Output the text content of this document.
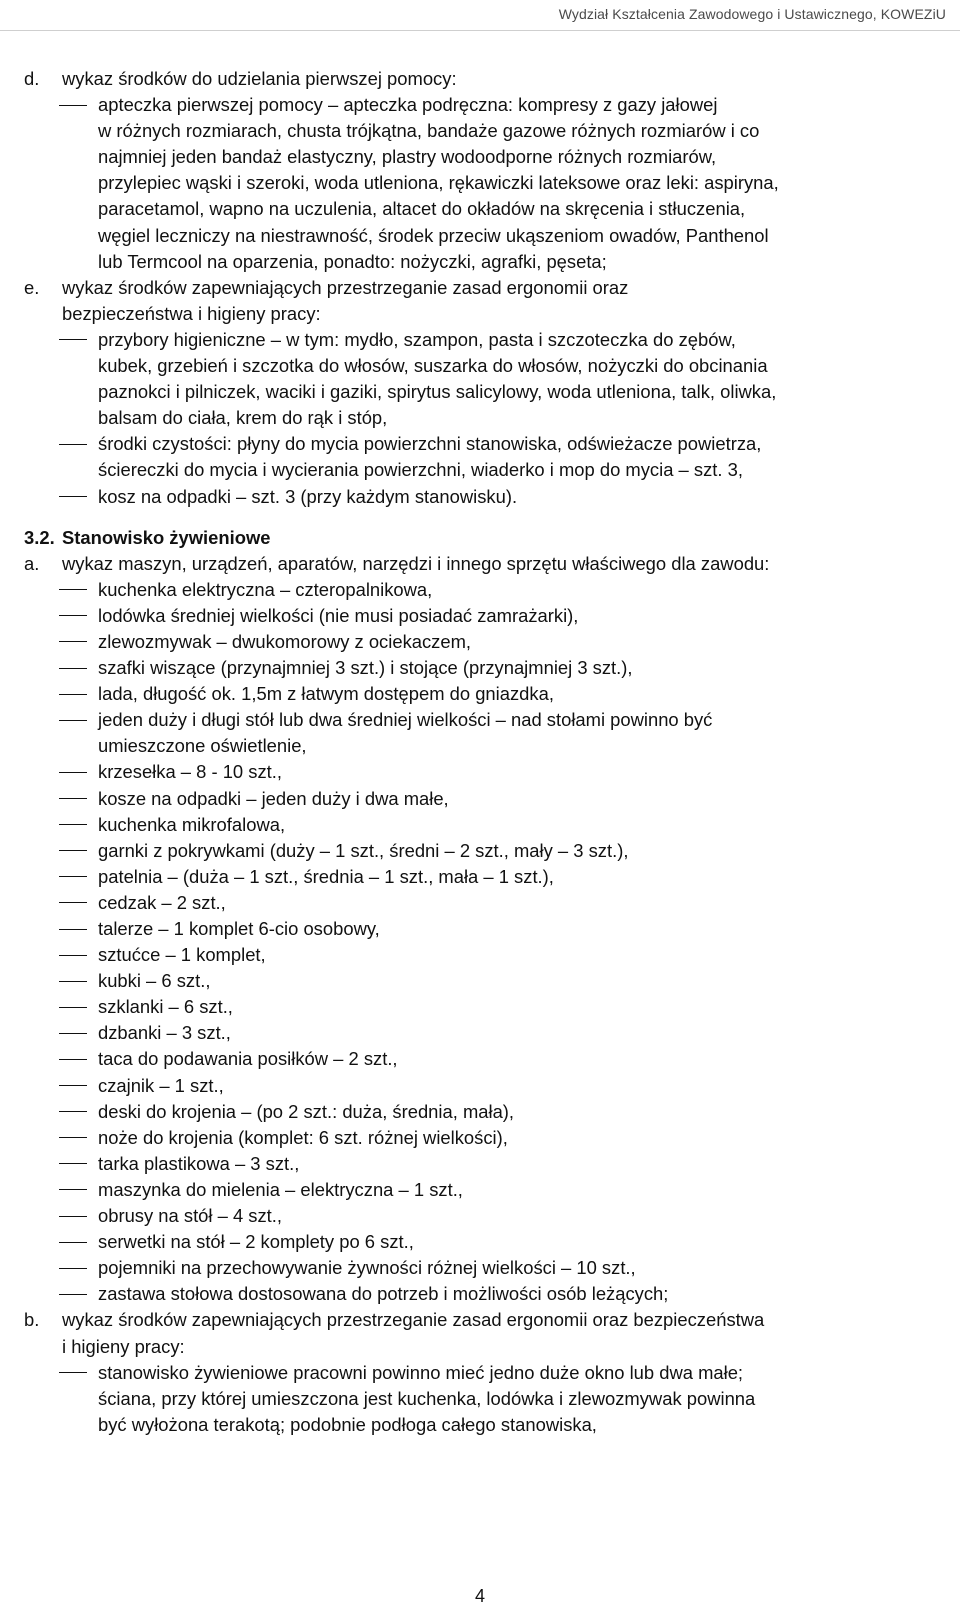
Wydział Kształcenia Zawodowego i Ustawicznego, KOWEZiU
d. wykaz środków do udzielania pierwszej pomocy:
apteczka pierwszej pomocy – apteczka podręczna: kompresy z gazy jałowej
w różnych rozmiarach, chusta trójkątna, bandaże gazowe różnych rozmiarów i co
najmniej jeden bandaż elastyczny, plastry wodoodporne różnych rozmiarów,
przylepiec wąski i szeroki, woda utleniona, rękawiczki lateksowe oraz leki: aspiryna,
paracetamol, wapno na uczulenia, altacet do okładów na skręcenia i stłuczenia,
węgiel leczniczy na niestrawność, środek przeciw ukąszeniom owadów, Panthenol
lub Termcool na oparzenia, ponadto: nożyczki, agrafki, pęseta;
e. wykaz środków zapewniających przestrzeganie zasad ergonomii oraz
bezpieczeństwa i higieny pracy:
przybory higieniczne – w tym: mydło, szampon, pasta i szczoteczka do zębów,
kubek, grzebień i szczotka do włosów, suszarka do włosów, nożyczki do obcinania
paznokci i pilniczek, waciki i gaziki, spirytus salicylowy, woda utleniona, talk, oliwka,
balsam do ciała, krem do rąk i stóp,
środki czystości: płyny do mycia powierzchni stanowiska, odświeżacze powietrza,
ściereczki do mycia i wycierania powierzchni, wiaderko i mop do mycia – szt. 3,
kosz na odpadki – szt. 3 (przy każdym stanowisku).
3.2. Stanowisko żywieniowe
a. wykaz maszyn, urządzeń, aparatów, narzędzi i innego sprzętu właściwego dla zawodu:
kuchenka elektryczna – czteropalnikowa,
lodówka średniej wielkości (nie musi posiadać zamrażarki),
zlewozmywak – dwukomorowy z ociekaczem,
szafki wiszące (przynajmniej 3 szt.) i stojące (przynajmniej 3 szt.),
lada, długość ok. 1,5m z łatwym dostępem do gniazdka,
jeden duży i długi stół lub dwa średniej wielkości – nad stołami powinno być
umieszczone oświetlenie,
krzesełka – 8 - 10 szt.,
kosze na odpadki – jeden duży i dwa małe,
kuchenka mikrofalowa,
garnki z pokrywkami (duży – 1 szt., średni – 2 szt., mały – 3 szt.),
patelnia – (duża – 1 szt., średnia – 1 szt., mała – 1 szt.),
cedzak – 2 szt.,
talerze – 1 komplet 6-cio osobowy,
sztućce – 1 komplet,
kubki – 6 szt.,
szklanki – 6 szt.,
dzbanki – 3 szt.,
taca do podawania posiłków – 2 szt.,
czajnik – 1 szt.,
deski do krojenia – (po 2 szt.: duża, średnia, mała),
noże do krojenia (komplet: 6 szt. różnej wielkości),
tarka plastikowa – 3 szt.,
maszynka do mielenia – elektryczna – 1 szt.,
obrusy na stół – 4 szt.,
serwetki na stół – 2 komplety po 6 szt.,
pojemniki na przechowywanie żywności różnej wielkości – 10 szt.,
zastawa stołowa dostosowana do potrzeb i możliwości osób leżących;
b. wykaz środków zapewniających przestrzeganie zasad ergonomii oraz bezpieczeństwa
i higieny pracy:
stanowisko żywieniowe pracowni powinno mieć jedno duże okno lub dwa małe;
ściana, przy której umieszczona jest kuchenka, lodówka i zlewozmywak powinna
być wyłożona terakotą; podobnie podłoga całego stanowiska,
4
